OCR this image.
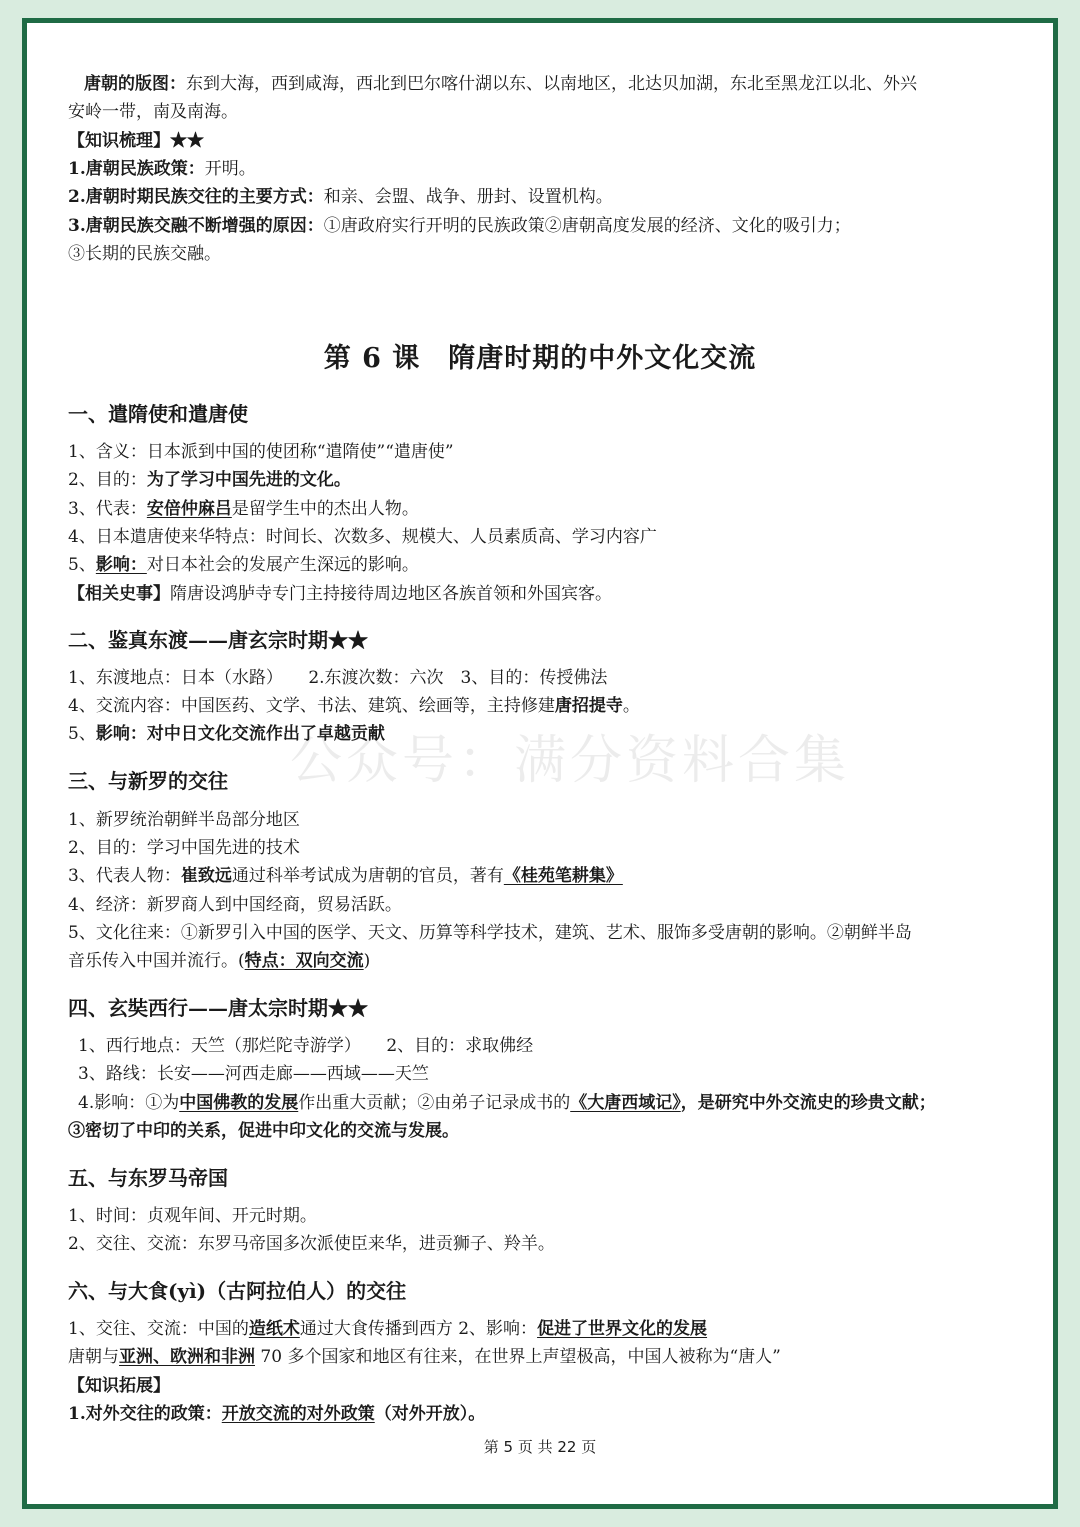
唐朝的版图：东到大海，西到咸海，西北到巴尔喀什湖以东、以南地区，北达贝加湖，东北至黑龙江以北、外兴
安岭一带，南及南海。
【知识梳理】★★
1.唐朝民族政策：开明。
2.唐朝时期民族交往的主要方式：和亲、会盟、战争、册封、设置机构。
3.唐朝民族交融不断增强的原因：①唐政府实行开明的民族政策②唐朝高度发展的经济、文化的吸引力；
③长期的民族交融。
第 6 课　隋唐时期的中外文化交流
公众号：满分资料合集
一、遣隋使和遣唐使
1、含义：日本派到中国的使团称“遣隋使”“遣唐使”
2、目的：为了学习中国先进的文化。
3、代表：安倍仲麻吕是留学生中的杰出人物。
4、日本遣唐使来华特点：时间长、次数多、规模大、人员素质高、学习内容广
5、影响：对日本社会的发展产生深远的影响。
【相关史事】隋唐设鸿胪寺专门主持接待周边地区各族首领和外国宾客。
二、鉴真东渡——唐玄宗时期★★
1、东渡地点：日本（水路）　　2.东渡次数：六次　3、目的：传授佛法
4、交流内容：中国医药、文学、书法、建筑、绘画等，主持修建唐招提寺。
5、影响：对中日文化交流作出了卓越贡献
三、与新罗的交往
1、新罗统治朝鲜半岛部分地区
2、目的：学习中国先进的技术
3、代表人物：崔致远通过科举考试成为唐朝的官员，著有《桂苑笔耕集》
4、经济：新罗商人到中国经商，贸易活跃。
5、文化往来：①新罗引入中国的医学、天文、历算等科学技术，建筑、艺术、服饰多受唐朝的影响。②朝鲜半岛
音乐传入中国并流行。(特点：双向交流)
四、玄奘西行——唐太宗时期★★
1、西行地点：天竺（那烂陀寺游学）　　2、目的：求取佛经
3、路线：长安——河西走廊——西域——天竺
4.影响：①为中国佛教的发展作出重大贡献；②由弟子记录成书的《大唐西域记》，是研究中外交流史的珍贵文献；
③密切了中印的关系，促进中印文化的交流与发展。
五、与东罗马帝国
1、时间：贞观年间、开元时期。
2、交往、交流：东罗马帝国多次派使臣来华，进贡狮子、羚羊。
六、与大食(yì)（古阿拉伯人）的交往
1、交往、交流：中国的造纸术通过大食传播到西方 2、影响：促进了世界文化的发展
唐朝与亚洲、欧洲和非洲 70 多个国家和地区有往来，在世界上声望极高，中国人被称为“唐人”
【知识拓展】
1.对外交往的政策：开放交流的对外政策（对外开放）。
第 5 页 共 22 页
